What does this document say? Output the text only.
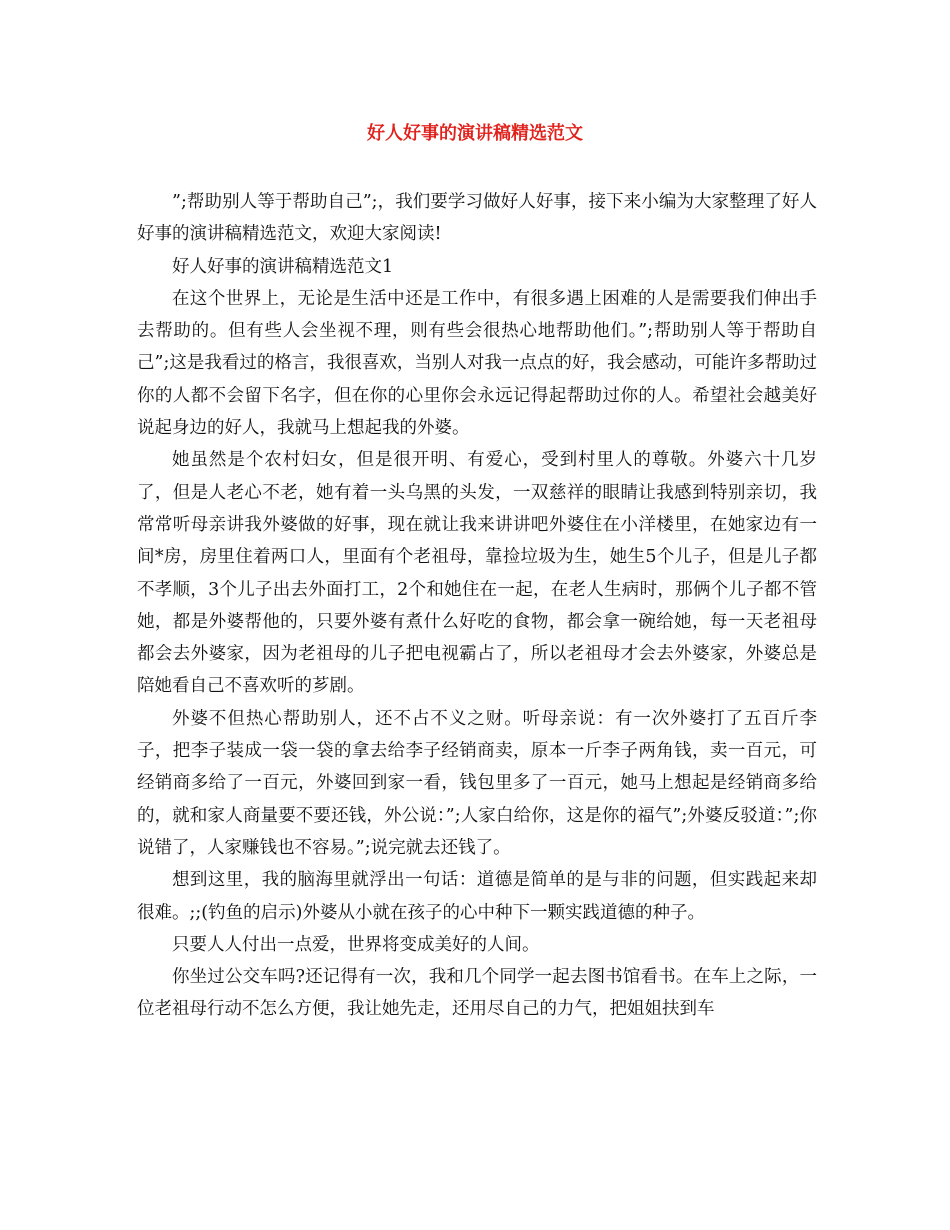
好人好事的演讲稿精选范文

”;帮助别人等于帮助自己”;，我们要学习做好人好事，接下来小编为大家整理了好人好事的演讲稿精选范文，欢迎大家阅读!

好人好事的演讲稿精选范文1

在这个世界上，无论是生活中还是工作中，有很多遇上困难的人是需要我们伸出手去帮助的。但有些人会坐视不理，则有些会很热心地帮助他们。”;帮助别人等于帮助自己”;这是我看过的格言，我很喜欢，当别人对我一点点的好，我会感动，可能许多帮助过你的人都不会留下名字，但在你的心里你会永远记得起帮助过你的人。希望社会越美好说起身边的好人，我就马上想起我的外婆。

她虽然是个农村妇女，但是很开明、有爱心，受到村里人的尊敬。外婆六十几岁了，但是人老心不老，她有着一头乌黑的头发，一双慈祥的眼睛让我感到特别亲切，我常常听母亲讲我外婆做的好事，现在就让我来讲讲吧外婆住在小洋楼里，在她家边有一间*房，房里住着两口人，里面有个老祖母，靠捡垃圾为生，她生5个儿子，但是儿子都不孝顺，3个儿子出去外面打工，2个和她住在一起，在老人生病时，那俩个儿子都不管她，都是外婆帮他的，只要外婆有煮什么好吃的食物，都会拿一碗给她，每一天老祖母都会去外婆家，因为老祖母的儿子把电视霸占了，所以老祖母才会去外婆家，外婆总是陪她看自己不喜欢听的芗剧。

外婆不但热心帮助别人，还不占不义之财。听母亲说：有一次外婆打了五百斤李子，把李子装成一袋一袋的拿去给李子经销商卖，原本一斤李子两角钱，卖一百元，可经销商多给了一百元，外婆回到家一看，钱包里多了一百元，她马上想起是经销商多给的，就和家人商量要不要还钱，外公说：”;人家白给你，这是你的福气”;外婆反驳道：”;你说错了，人家赚钱也不容易。”;说完就去还钱了。

想到这里，我的脑海里就浮出一句话：道德是简单的是与非的问题，但实践起来却很难。;;(钓鱼的启示)外婆从小就在孩子的心中种下一颗实践道德的种子。

只要人人付出一点爱，世界将变成美好的人间。

你坐过公交车吗?还记得有一次，我和几个同学一起去图书馆看书。在车上之际，一位老祖母行动不怎么方便，我让她先走，还用尽自己的力气，把姐姐扶到车
